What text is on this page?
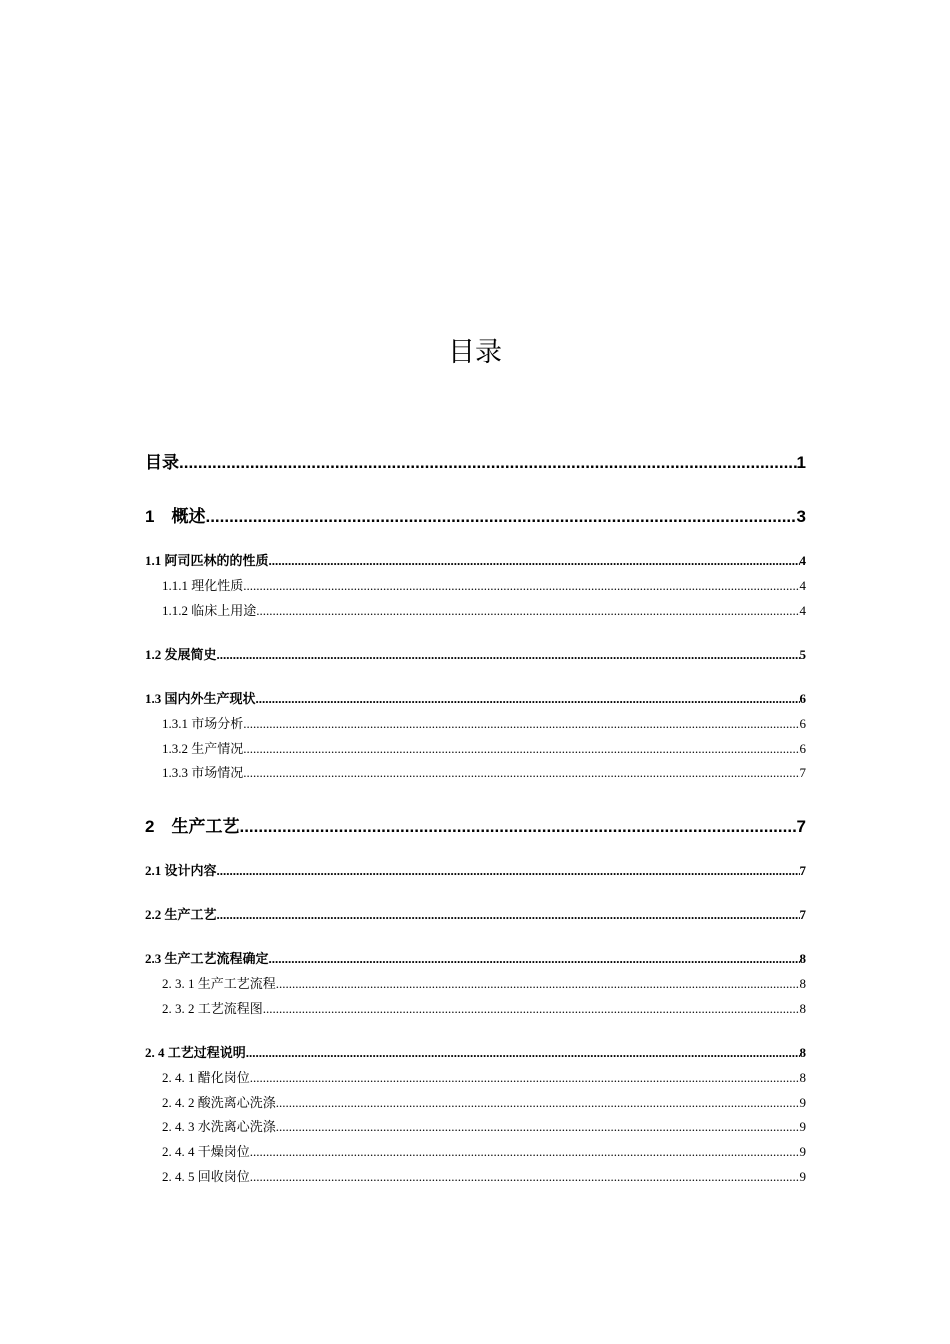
目录
目录 .....	1
1　概述 .....	3
1.1 阿司匹林的的性质 .....	4
1.1.1 理化性质 .....	4
1.1.2 临床上用途 .....	4
1.2 发展简史 .....	5
1.3 国内外生产现状 .....	6
1.3.1 市场分析 .....	6
1.3.2 生产情况 .....	6
1.3.3 市场情况 .....	7
2　生产工艺 .....	7
2.1 设计内容 .....	7
2.2 生产工艺 .....	7
2.3 生产工艺流程确定 .....	8
2. 3. 1 生产工艺流程 .....	8
2. 3. 2 工艺流程图 .....	8
2. 4 工艺过程说明 .....	8
2. 4. 1 醋化岗位 .....	8
2. 4. 2 酸洗离心洗涤 .....	9
2. 4. 3 水洗离心洗涤 .....	9
2. 4. 4 干燥岗位 .....	9
2. 4. 5 回收岗位 .....	9
